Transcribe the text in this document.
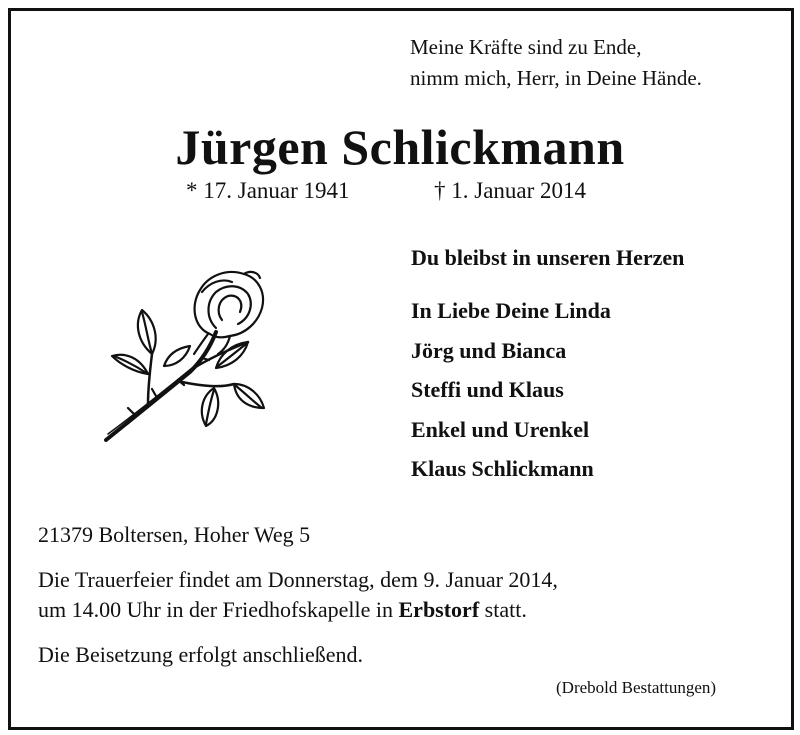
Meine Kräfte sind zu Ende,
nimm mich, Herr, in Deine Hände.
Jürgen Schlickmann
* 17. Januar 1941	† 1. Januar 2014
Du bleibst in unseren Herzen
In Liebe Deine Linda
Jörg und Bianca
Steffi und Klaus
Enkel und Urenkel
Klaus Schlickmann
21379 Boltersen, Hoher Weg 5
Die Trauerfeier findet am Donnerstag, dem 9. Januar 2014,
um 14.00 Uhr in der Friedhofskapelle in Erbstorf statt.
Die Beisetzung erfolgt anschließend.
(Drebold Bestattungen)
